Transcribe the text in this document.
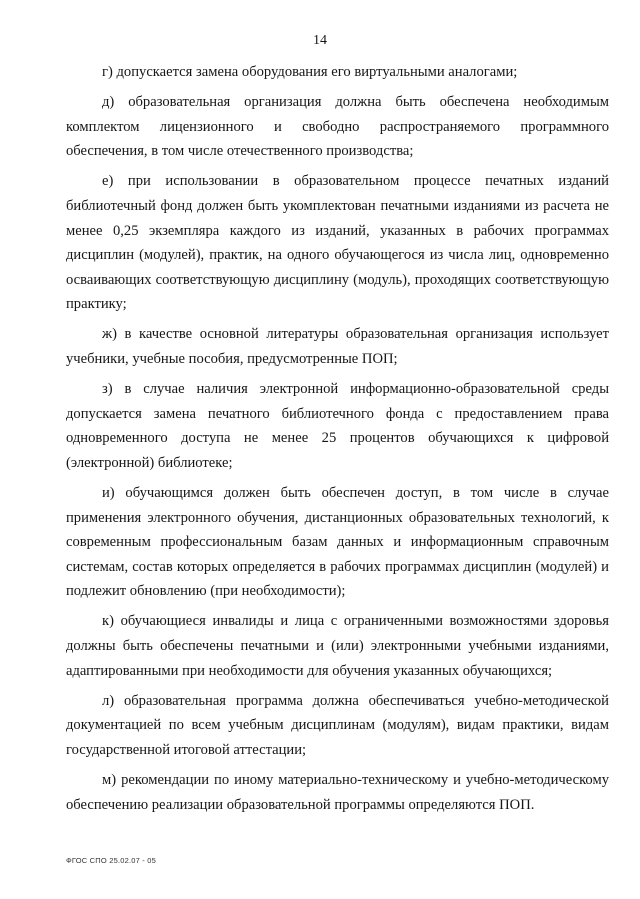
14

г) допускается замена оборудования его виртуальными аналогами;

д) образовательная организация должна быть обеспечена необходимым комплектом лицензионного и свободно распространяемого программного обеспечения, в том числе отечественного производства;

е) при использовании в образовательном процессе печатных изданий библиотечный фонд должен быть укомплектован печатными изданиями из расчета не менее 0,25 экземпляра каждого из изданий, указанных в рабочих программах дисциплин (модулей), практик, на одного обучающегося из числа лиц, одновременно осваивающих соответствующую дисциплину (модуль), проходящих соответствующую практику;

ж) в качестве основной литературы образовательная организация использует учебники, учебные пособия, предусмотренные ПОП;

з) в случае наличия электронной информационно-образовательной среды допускается замена печатного библиотечного фонда с предоставлением права одновременного доступа не менее 25 процентов обучающихся к цифровой (электронной) библиотеке;

и) обучающимся должен быть обеспечен доступ, в том числе в случае применения электронного обучения, дистанционных образовательных технологий, к современным профессиональным базам данных и информационным справочным системам, состав которых определяется в рабочих программах дисциплин (модулей) и подлежит обновлению (при необходимости);

к) обучающиеся инвалиды и лица с ограниченными возможностями здоровья должны быть обеспечены печатными и (или) электронными учебными изданиями, адаптированными при необходимости для обучения указанных обучающихся;

л) образовательная программа должна обеспечиваться учебно-методической документацией по всем учебным дисциплинам (модулям), видам практики, видам государственной итоговой аттестации;

м) рекомендации по иному материально-техническому и учебно-методическому обеспечению реализации образовательной программы определяются ПОП.

ФГОС СПО 25.02.07 - 05
